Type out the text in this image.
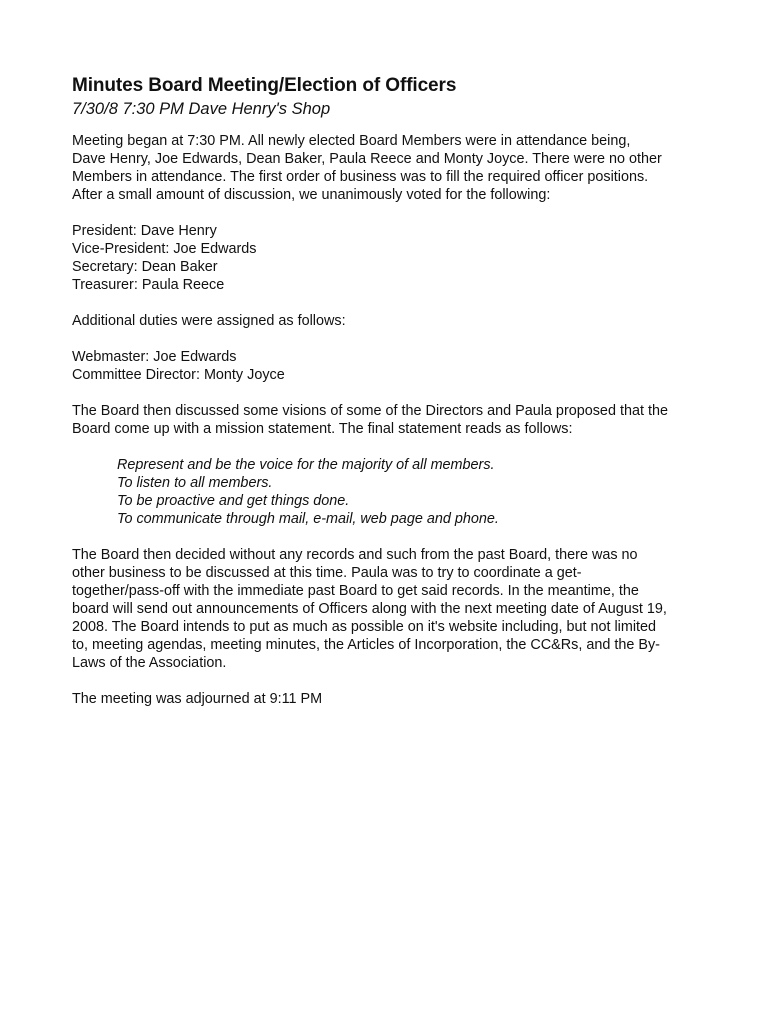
Minutes Board Meeting/Election of Officers
7/30/8 7:30 PM Dave Henry's Shop

Meeting began at 7:30 PM. All newly elected Board Members were in attendance being,
Dave Henry, Joe Edwards, Dean Baker, Paula Reece and Monty Joyce. There were no other
Members in attendance. The first order of business was to fill the required officer positions.
After a small amount of discussion, we unanimously voted for the following:

President: Dave Henry
Vice-President: Joe Edwards
Secretary: Dean Baker
Treasurer: Paula Reece

Additional duties were assigned as follows:

Webmaster: Joe Edwards
Committee Director: Monty Joyce

The Board then discussed some visions of some of the Directors and Paula proposed that the
Board come up with a mission statement. The final statement reads as follows:

Represent and be the voice for the majority of all members.
To listen to all members.
To be proactive and get things done.
To communicate through mail, e-mail, web page and phone.

The Board then decided without any records and such from the past Board, there was no
other business to be discussed at this time. Paula was to try to coordinate a get-
together/pass-off with the immediate past Board to get said records. In the meantime, the
board will send out announcements of Officers along with the next meeting date of August 19,
2008. The Board intends to put as much as possible on it's website including, but not limited
to, meeting agendas, meeting minutes, the Articles of Incorporation, the CC&Rs, and the By-
Laws of the Association.

The meeting was adjourned at 9:11 PM
